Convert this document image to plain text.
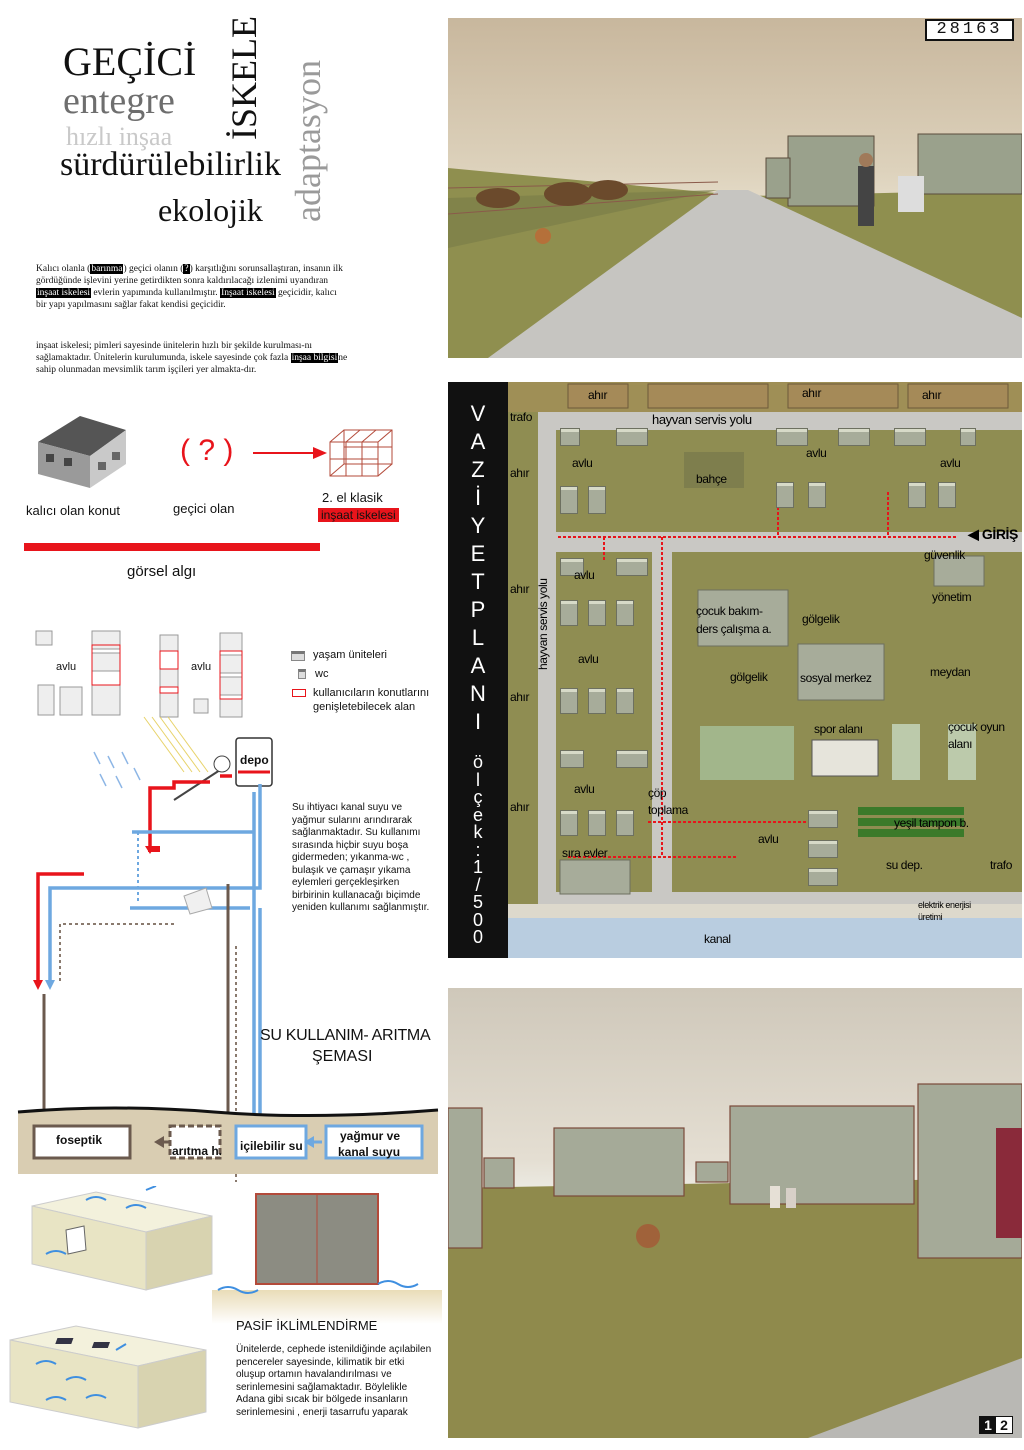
GEÇİCİ
entegre
hızlı inşaa
sürdürülebilirlik
ekolojik
İSKELE adaptasyon
Kalıcı olanla (barınma) geçici olanın (?) karşıtlığını sorunsallaştıran, insanın ilk gördüğünde işlevini yerine getirdikten sonra kaldırılacağı izlenimi uyandıran inşaat iskelesi evlerin yapımında kullanılmıştır. İnşaat iskelesi geçicidir, kalıcı bir yapı yapılmasını sağlar fakat kendisi geçicidir.
inşaat iskelesi; pimleri sayesinde ünitelerin hızlı bir şekilde kurulması-nı sağlamaktadır. Ünitelerin kurulumunda, iskele sayesinde çok fazla inşaa bilgisine sahip olunmadan mevsimlik tarım işçileri yer almakta-dır.
kalıcı olan konut
( ? )
geçici olan
2. el klasik
inşaat iskelesi
görsel algı
avlu	avlu
yaşam üniteleri
wc
kullanıcıların konutlarını
genişletebilecek alan
depo
Su ihtiyacı kanal suyu ve yağmur sularını arındırarak sağlanmaktadır. Su kullanımı sırasında hiçbir suyu boşa gidermeden; yıkanma-wc , bulaşık ve çamaşır yıkama eylemleri gerçekleşirken birbirinin kullanacağı biçimde yeniden kullanımı sağlanmıştır.
SU KULLANIM- ARITMA
ŞEMASI
foseptik
arıtma h. içilebilir su
yağmur ve
kanal suyu
PASİF İKLİMLENDİRME
Ünitelerde, cephede istenildiğinde açılabilen pencereler sayesinde, kilimatik bir etki oluşup ortamın havalandırılması ve serinlemesini sağlamaktadır. Böylelikle Adana gibi sıcak bir bölgede insanların serinlemesini , enerji tasarrufu yaparak
28163
V
A
Z
İ
Y
E
T
P
L
A
N
I
ö
l
ç
e
k
:
1
/
5
0
0
ahır	ahır	ahır
trafo	hayvan servis yolu
ahır
avlu
bahçe
avlu
avlu
◀ GİRİŞ
güvenlik
ahır
avlu
yönetim
hayvan servis yolu	çocuk bakım-
ders çalışma a.
gölgelik
avlu
ahır
gölgelik	sosyal merkez	meydan
spor alanı	çocuk oyun
alanı
avlu	çöp
toplama
ahır
yeşil tampon b.
avlu
sıra evler
su dep.	trafo
elektrik enerjisi
üretimi
kanal
1 2
